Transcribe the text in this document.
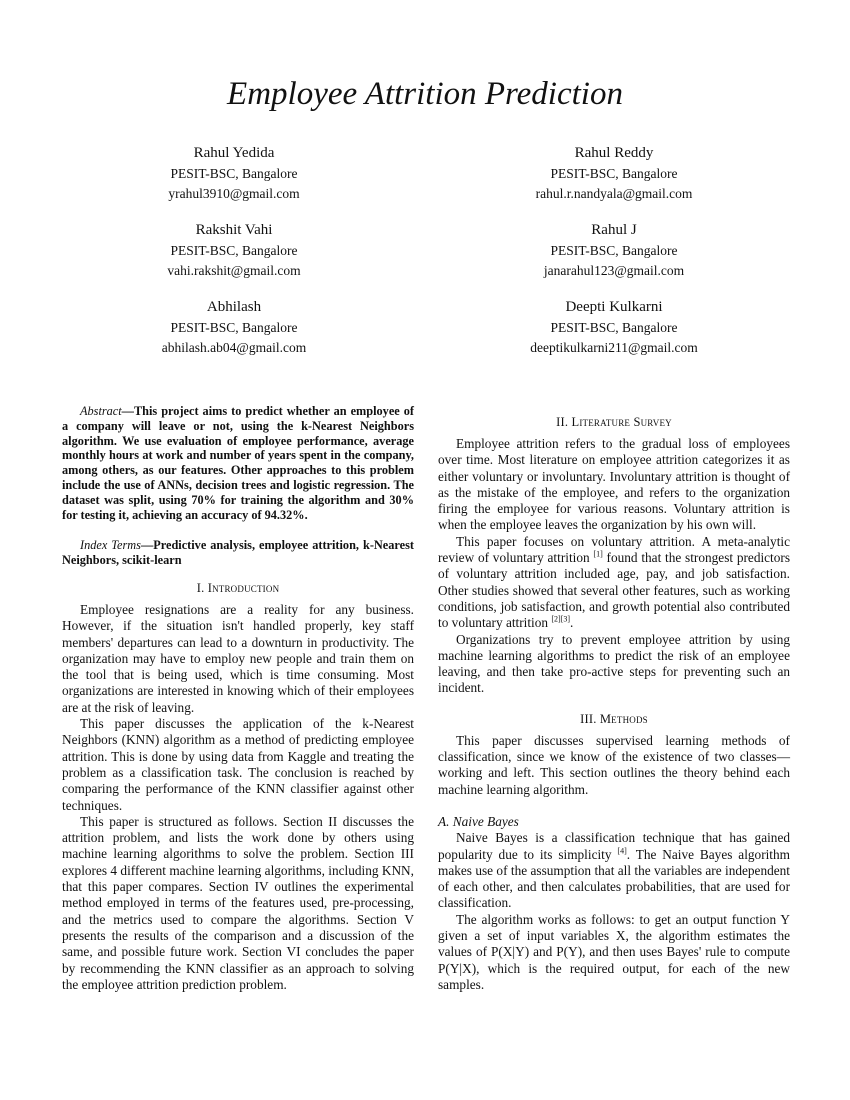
Employee Attrition Prediction
Rahul Yedida
PESIT-BSC, Bangalore
yrahul3910@gmail.com
Rakshit Vahi
PESIT-BSC, Bangalore
vahi.rakshit@gmail.com
Abhilash
PESIT-BSC, Bangalore
abhilash.ab04@gmail.com
Rahul Reddy
PESIT-BSC, Bangalore
rahul.r.nandyala@gmail.com
Rahul J
PESIT-BSC, Bangalore
janarahul123@gmail.com
Deepti Kulkarni
PESIT-BSC, Bangalore
deeptikulkarni211@gmail.com

Abstract—This project aims to predict whether an employee of a company will leave or not, using the k-Nearest Neighbors algorithm. We use evaluation of employee performance, average monthly hours at work and number of years spent in the company, among others, as our features. Other approaches to this problem include the use of ANNs, decision trees and logistic regression. The dataset was split, using 70% for training the algorithm and 30% for testing it, achieving an accuracy of 94.32%.

Index Terms—Predictive analysis, employee attrition, k-Nearest Neighbors, scikit-learn

I. Introduction

Employee resignations are a reality for any business. However, if the situation isn't handled properly, key staff members' departures can lead to a downturn in productivity. The organization may have to employ new people and train them on the tool that is being used, which is time consuming. Most organizations are interested in knowing which of their employees are at the risk of leaving.

This paper discusses the application of the k-Nearest Neighbors (KNN) algorithm as a method of predicting employee attrition. This is done by using data from Kaggle and treating the problem as a classification task. The conclusion is reached by comparing the performance of the KNN classifier against other techniques.

This paper is structured as follows. Section II discusses the attrition problem, and lists the work done by others using machine learning algorithms to solve the problem. Section III explores 4 different machine learning algorithms, including KNN, that this paper compares. Section IV outlines the experimental method employed in terms of the features used, pre-processing, and the metrics used to compare the algorithms. Section V presents the results of the comparison and a discussion of the same, and possible future work. Section VI concludes the paper by recommending the KNN classifier as an approach to solving the employee attrition prediction problem.

II. Literature Survey

Employee attrition refers to the gradual loss of employees over time. Most literature on employee attrition categorizes it as either voluntary or involuntary. Involuntary attrition is thought of as the mistake of the employee, and refers to the organization firing the employee for various reasons. Voluntary attrition is when the employee leaves the organization by his own will.

This paper focuses on voluntary attrition. A meta-analytic review of voluntary attrition [1] found that the strongest predictors of voluntary attrition included age, pay, and job satisfaction. Other studies showed that several other features, such as working conditions, job satisfaction, and growth potential also contributed to voluntary attrition [2][3].

Organizations try to prevent employee attrition by using machine learning algorithms to predict the risk of an employee leaving, and then take pro-active steps for preventing such an incident.

III. Methods

This paper discusses supervised learning methods of classification, since we know of the existence of two classes—working and left. This section outlines the theory behind each machine learning algorithm.

A. Naive Bayes

Naive Bayes is a classification technique that has gained popularity due to its simplicity [4]. The Naive Bayes algorithm makes use of the assumption that all the variables are independent of each other, and then calculates probabilities, that are used for classification.

The algorithm works as follows: to get an output function Y given a set of input variables X, the algorithm estimates the values of P(X|Y) and P(Y), and then uses Bayes' rule to compute P(Y|X), which is the required output, for each of the new samples.
